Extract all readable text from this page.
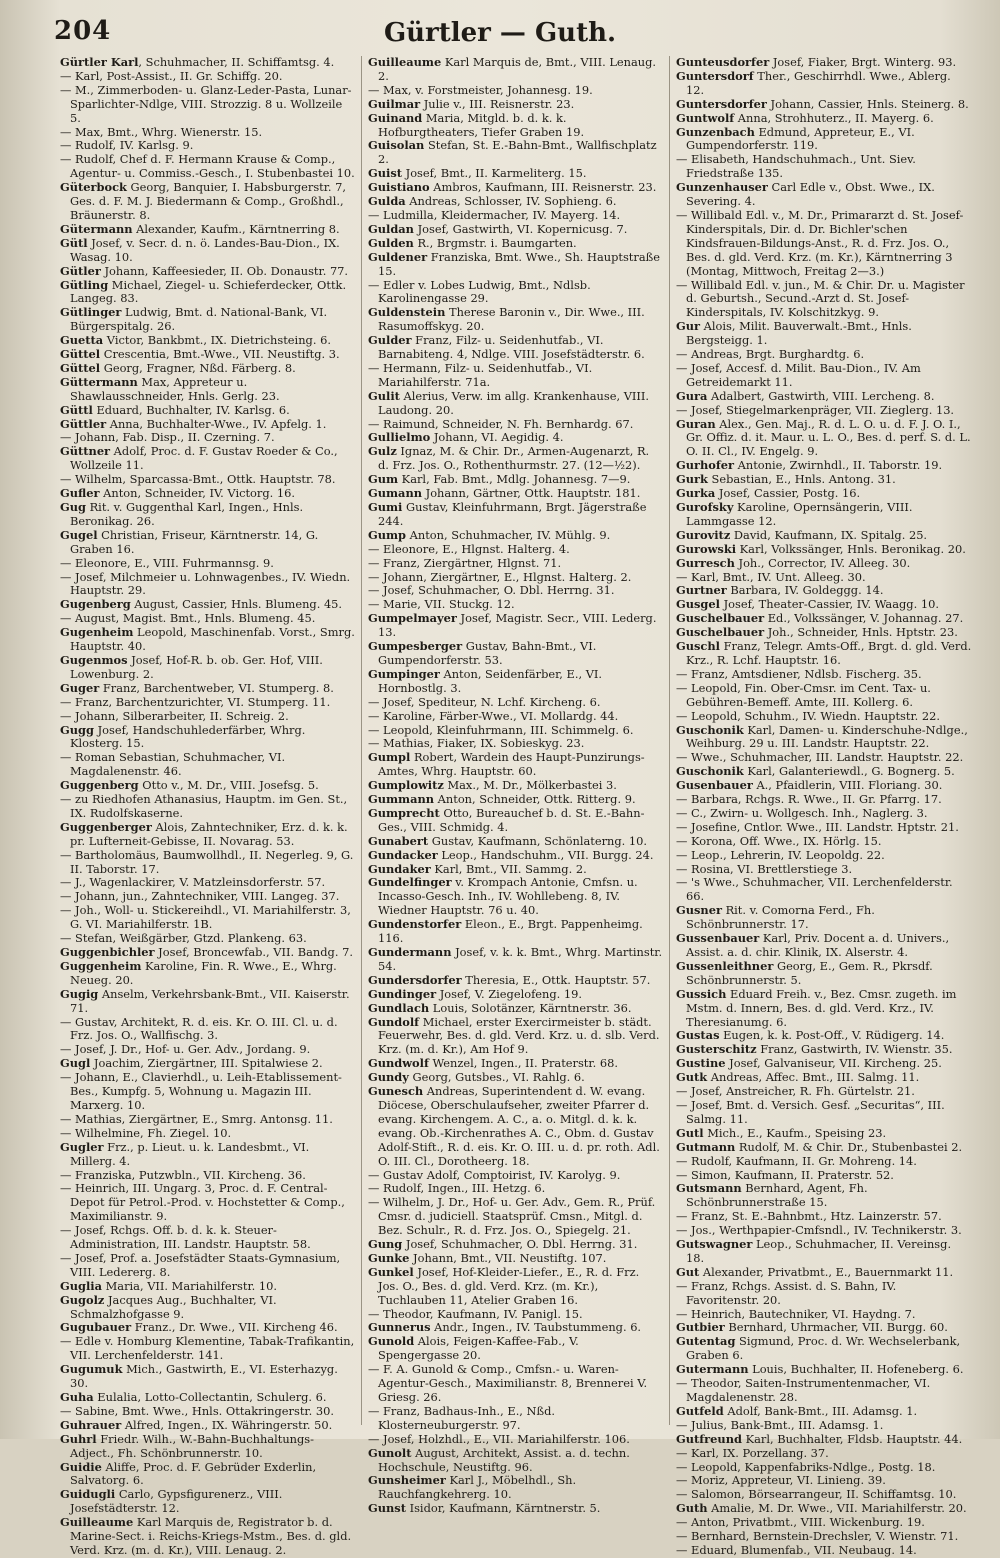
204	Gürtler — Guth.

Gürtler Karl, Schuhmacher, II. Schiffamtsg. 4.

— Karl, Post-Assist., II. Gr. Schiffg. 20.

— M., Zimmerboden- u. Glanz-Leder-Pasta, Lunar-Sparlichter-Ndlge, VIII. Strozzig. 8 u. Wollzeile 5.

— Max, Bmt., Whrg. Wienerstr. 15.

— Rudolf, IV. Karlsg. 9.

— Rudolf, Chef d. F. Hermann Krause & Comp., Agentur- u. Commiss.-Gesch., I. Stubenbastei 10.

Güterbock Georg, Banquier, I. Habsburgerstr. 7, Ges. d. F. M. J. Biedermann & Comp., Großhdl., Bräunerstr. 8.

Gütermann Alexander, Kaufm., Kärntnerring 8.

Gütl Josef, v. Secr. d. n. ö. Landes-Bau-Dion., IX. Wasag. 10.

Gütler Johann, Kaffeesieder, II. Ob. Donaustr. 77.

Gütling Michael, Ziegel- u. Schieferdecker, Ottk. Langeg. 83.

Gütlinger Ludwig, Bmt. d. National-Bank, VI. Bürgerspitalg. 26.

Guetta Victor, Bankbmt., IX. Dietrichsteing. 6.

Güttel Crescentia, Bmt.-Wwe., VII. Neustiftg. 3.

Güttel Georg, Fragner, Nßd. Färberg. 8.

Güttermann Max, Appreteur u. Shawlausschneider, Hnls. Gerlg. 23.

Güttl Eduard, Buchhalter, IV. Karlsg. 6.

Güttler Anna, Buchhalter-Wwe., IV. Apfelg. 1.

— Johann, Fab. Disp., II. Czerning. 7.

Güttner Adolf, Proc. d. F. Gustav Roeder & Co., Wollzeile 11.

— Wilhelm, Sparcassa-Bmt., Ottk. Hauptstr. 78.

Gufler Anton, Schneider, IV. Victorg. 16.

Gug Rit. v. Guggenthal Karl, Ingen., Hnls. Beronikag. 26.

Gugel Christian, Friseur, Kärntnerstr. 14, G. Graben 16.

— Eleonore, E., VIII. Fuhrmannsg. 9.

— Josef, Milchmeier u. Lohnwagenbes., IV. Wiedn. Hauptstr. 29.

Gugenberg August, Cassier, Hnls. Blumeng. 45.

— August, Magist. Bmt., Hnls. Blumeng. 45.

Gugenheim Leopold, Maschinenfab. Vorst., Smrg. Hauptstr. 40.

Gugenmos Josef, Hof-R. b. ob. Ger. Hof, VIII. Lowenburg. 2.

Guger Franz, Barchentweber, VI. Stumperg. 8.

— Franz, Barchentzurichter, VI. Stumperg. 11.

— Johann, Silberarbeiter, II. Schreig. 2.

Gugg Josef, Handschuhlederfärber, Whrg. Klosterg. 15.

— Roman Sebastian, Schuhmacher, VI. Magdalenenstr. 46.

Guggenberg Otto v., M. Dr., VIII. Josefsg. 5.

— zu Riedhofen Athanasius, Hauptm. im Gen. St., IX. Rudolfskaserne.

Guggenberger Alois, Zahntechniker, Erz. d. k. k. pr. Lufterneit-Gebisse, II. Novarag. 53.

— Bartholomäus, Baumwollhdl., II. Negerleg. 9, G. II. Taborstr. 17.

— J., Wagenlackirer, V. Matzleinsdorferstr. 57.

— Johann, jun., Zahntechniker, VIII. Langeg. 37.

— Joh., Woll- u. Stickereihdl., VI. Mariahilferstr. 3, G. VI. Mariahilferstr. 1B.

— Stefan, Weißgärber, Gtzd. Plankeng. 63.

Guggenbichler Josef, Broncewfab., VII. Bandg. 7.

Guggenheim Karoline, Fin. R. Wwe., E., Whrg. Neueg. 20.

Gugig Anselm, Verkehrsbank-Bmt., VII. Kaiserstr. 71.

— Gustav, Architekt, R. d. eis. Kr. O. III. Cl. u. d. Frz. Jos. O., Wallfischg. 3.

— Josef, J. Dr., Hof- u. Ger. Adv., Jordang. 9.

Gugl Joachim, Ziergärtner, III. Spitalwiese 2.

— Johann, E., Clavierhdl., u. Leih-Etablissement-Bes., Kumpfg. 5, Wohnung u. Magazin III. Marxerg. 10.

— Mathias, Ziergärtner, E., Smrg. Antonsg. 11.

— Wilhelmine, Fh. Ziegel. 10.

Gugler Frz., p. Lieut. u. k. Landesbmt., VI. Millerg. 4.

— Franziska, Putzwbln., VII. Kircheng. 36.

— Heinrich, III. Ungarg. 3, Proc. d. F. Central-Depot für Petrol.-Prod. v. Hochstetter & Comp., Maximilianstr. 9.

— Josef, Rchgs. Off. b. d. k. k. Steuer-Administration, III. Landstr. Hauptstr. 58.

— Josef, Prof. a. Josefstädter Staats-Gymnasium, VIII. Ledererg. 8.

Guglia Maria, VII. Mariahilferstr. 10.

Gugolz Jacques Aug., Buchhalter, VI. Schmalzhofgasse 9.

Gugubauer Franz., Dr. Wwe., VII. Kircheng 46.

— Edle v. Homburg Klementine, Tabak-Trafikantin, VII. Lerchenfelderstr. 141.

Gugumuk Mich., Gastwirth, E., VI. Esterhazyg. 30.

Guha Eulalia, Lotto-Collectantin, Schulerg. 6.

— Sabine, Bmt. Wwe., Hnls. Ottakringerstr. 30.

Guhrauer Alfred, Ingen., IX. Währingerstr. 50.

Guhrl Friedr. Wilh., W.-Bahn-Buchhaltungs-Adject., Fh. Schönbrunnerstr. 10.

Guidie Aliffe, Proc. d. F. Gebrüder Exderlin, Salvatorg. 6.

Guidugli Carlo, Gypsfigurenerz., VIII. Josefstädterstr. 12.

Guilleaume Karl Marquis de, Registrator b. d. Marine-Sect. i. Reichs-Kriegs-Mstm., Bes. d. gld. Verd. Krz. (m. d. Kr.), VIII. Lenaug. 2.

Guilleaume Karl Marquis de, Bmt., VIII. Lenaug. 2.

— Max, v. Forstmeister, Johannesg. 19.

Guilmar Julie v., III. Reisnerstr. 23.

Guinand Maria, Mitgld. b. d. k. k. Hofburgtheaters, Tiefer Graben 19.

Guisolan Stefan, St. E.-Bahn-Bmt., Wallfischplatz 2.

Guist Josef, Bmt., II. Karmeliterg. 15.

Guistiano Ambros, Kaufmann, III. Reisnerstr. 23.

Gulda Andreas, Schlosser, IV. Sophieng. 6.

— Ludmilla, Kleidermacher, IV. Mayerg. 14.

Guldan Josef, Gastwirth, VI. Kopernicusg. 7.

Gulden R., Brgmstr. i. Baumgarten.

Guldener Franziska, Bmt. Wwe., Sh. Hauptstraße 15.

— Edler v. Lobes Ludwig, Bmt., Ndlsb. Karolinengasse 29.

Guldenstein Therese Baronin v., Dir. Wwe., III. Rasumoffskyg. 20.

Gulder Franz, Filz- u. Seidenhutfab., VI. Barnabiteng. 4, Ndlge. VIII. Josefstädterstr. 6.

— Hermann, Filz- u. Seidenhutfab., VI. Mariahilferstr. 71a.

Gulit Alerius, Verw. im allg. Krankenhause, VIII. Laudong. 20.

— Raimund, Schneider, N. Fh. Bernhardg. 67.

Gullielmo Johann, VI. Aegidig. 4.

Gulz Ignaz, M. & Chir. Dr., Armen-Augenarzt, R. d. Frz. Jos. O., Rothenthurmstr. 27. (12—½2).

Gum Karl, Fab. Bmt., Mdlg. Johannesg. 7—9.

Gumann Johann, Gärtner, Ottk. Hauptstr. 181.

Gumi Gustav, Kleinfuhrmann, Brgt. Jägerstraße 244.

Gump Anton, Schuhmacher, IV. Mühlg. 9.

— Eleonore, E., Hlgnst. Halterg. 4.

— Franz, Ziergärtner, Hlgnst. 71.

— Johann, Ziergärtner, E., Hlgnst. Halterg. 2.

— Josef, Schuhmacher, O. Dbl. Herrng. 31.

— Marie, VII. Stuckg. 12.

Gumpelmayer Josef, Magistr. Secr., VIII. Lederg. 13.

Gumpesberger Gustav, Bahn-Bmt., VI. Gumpendorferstr. 53.

Gumpinger Anton, Seidenfärber, E., VI. Hornbostlg. 3.

— Josef, Spediteur, N. Lchf. Kircheng. 6.

— Karoline, Färber-Wwe., VI. Mollardg. 44.

— Leopold, Kleinfuhrmann, III. Schimmelg. 6.

— Mathias, Fiaker, IX. Sobieskyg. 23.

Gumpl Robert, Wardein des Haupt-Punzirungs-Amtes, Whrg. Hauptstr. 60.

Gumplowitz Max., M. Dr., Mölkerbastei 3.

Gummann Anton, Schneider, Ottk. Ritterg. 9.

Gumprecht Otto, Bureauchef b. d. St. E.-Bahn-Ges., VIII. Schmidg. 4.

Gunabert Gustav, Kaufmann, Schönlaterng. 10.

Gundacker Leop., Handschuhm., VII. Burgg. 24.

Gundaker Karl, Bmt., VII. Sammg. 2.

Gundelfinger v. Krompach Antonie, Cmfsn. u. Incasso-Gesch. Inh., IV. Wohllebeng. 8, IV. Wiedner Hauptstr. 76 u. 40.

Gundenstorfer Eleon., E., Brgt. Pappenheimg. 116.

Gundermann Josef, v. k. k. Bmt., Whrg. Martinstr. 54.

Gundersdorfer Theresia, E., Ottk. Hauptstr. 57.

Gundinger Josef, V. Ziegelofeng. 19.

Gundlach Louis, Solotänzer, Kärntnerstr. 36.

Gundolf Michael, erster Exercirmeister b. städt. Feuerwehr, Bes. d. gld. Verd. Krz. u. d. slb. Verd. Krz. (m. d. Kr.), Am Hof 9.

Gundwolf Wenzel, Ingen., II. Praterstr. 68.

Gundy Georg, Gutsbes., VI. Rahlg. 6.

Gunesch Andreas, Superintendent d. W. evang. Diöcese, Oberschulaufseher, zweiter Pfarrer d. evang. Kirchengem. A. C., a. o. Mitgl. d. k. k. evang. Ob.-Kirchenrathes A. C., Obm. d. Gustav Adolf-Stift., R. d. eis. Kr. O. III. u. d. pr. roth. Adl. O. III. Cl., Dorotheerg. 18.

— Gustav Adolf, Comptoirist, IV. Karolyg. 9.

— Rudolf, Ingen., III. Hetzg. 6.

— Wilhelm, J. Dr., Hof- u. Ger. Adv., Gem. R., Prüf. Cmsr. d. judiciell. Staatsprüf. Cmsn., Mitgl. d. Bez. Schulr., R. d. Frz. Jos. O., Spiegelg. 21.

Gung Josef, Schuhmacher, O. Dbl. Herrng. 31.

Gunke Johann, Bmt., VII. Neustiftg. 107.

Gunkel Josef, Hof-Kleider-Liefer., E., R. d. Frz. Jos. O., Bes. d. gld. Verd. Krz. (m. Kr.), Tuchlauben 11, Atelier Graben 16.

— Theodor, Kaufmann, IV. Panigl. 15.

Gunnerus Andr., Ingen., IV. Taubstummeng. 6.

Gunold Alois, Feigen-Kaffee-Fab., V. Spengergasse 20.

— F. A. Gunold & Comp., Cmfsn.- u. Waren-Agentur-Gesch., Maximilianstr. 8, Brennerei V. Griesg. 26.

— Franz, Badhaus-Inh., E., Nßd. Klosterneuburgerstr. 97.

— Josef, Holzhdl., E., VII. Mariahilferstr. 106.

Gunolt August, Architekt, Assist. a. d. techn. Hochschule, Neustiftg. 96.

Gunsheimer Karl J., Möbelhdl., Sh. Rauchfangkehrerg. 10.

Gunst Isidor, Kaufmann, Kärntnerstr. 5.

Gunteusdorfer Josef, Fiaker, Brgt. Winterg. 93.

Guntersdorf Ther., Geschirrhdl. Wwe., Ablerg. 12.

Guntersdorfer Johann, Cassier, Hnls. Steinerg. 8.

Guntwolf Anna, Strohhuterz., II. Mayerg. 6.

Gunzenbach Edmund, Appreteur, E., VI. Gumpendorferstr. 119.

— Elisabeth, Handschuhmach., Unt. Siev. Friedstraße 135.

Gunzenhauser Carl Edle v., Obst. Wwe., IX. Severing. 4.

— Willibald Edl. v., M. Dr., Primararzt d. St. Josef-Kinderspitals, Dir. d. Dr. Bichler'schen Kindsfrauen-Bildungs-Anst., R. d. Frz. Jos. O., Bes. d. gld. Verd. Krz. (m. Kr.), Kärntnerring 3 (Montag, Mittwoch, Freitag 2—3.)

— Willibald Edl. v. jun., M. & Chir. Dr. u. Magister d. Geburtsh., Secund.-Arzt d. St. Josef-Kinderspitals, IV. Kolschitzkyg. 9.

Gur Alois, Milit. Bauverwalt.-Bmt., Hnls. Bergsteigg. 1.

— Andreas, Brgt. Burghardtg. 6.

— Josef, Accesf. d. Milit. Bau-Dion., IV. Am Getreidemarkt 11.

Gura Adalbert, Gastwirth, VIII. Lercheng. 8.

— Josef, Stiegelmarkenpräger, VII. Zieglerg. 13.

Guran Alex., Gen. Maj., R. d. L. O. u. d. F. J. O. I., Gr. Offiz. d. it. Maur. u. L. O., Bes. d. perf. S. d. L. O. II. Cl., IV. Engelg. 9.

Gurhofer Antonie, Zwirnhdl., II. Taborstr. 19.

Gurk Sebastian, E., Hnls. Antong. 31.

Gurka Josef, Cassier, Postg. 16.

Gurofsky Karoline, Opernsängerin, VIII. Lammgasse 12.

Gurovitz David, Kaufmann, IX. Spitalg. 25.

Gurowski Karl, Volkssänger, Hnls. Beronikag. 20.

Gurresch Joh., Corrector, IV. Alleeg. 30.

— Karl, Bmt., IV. Unt. Alleeg. 30.

Gurtner Barbara, IV. Goldeggg. 14.

Gusgel Josef, Theater-Cassier, IV. Waagg. 10.

Guschelbauer Ed., Volkssänger, V. Johannag. 27.

Guschelbauer Joh., Schneider, Hnls. Hptstr. 23.

Guschl Franz, Telegr. Amts-Off., Brgt. d. gld. Verd. Krz., R. Lchf. Hauptstr. 16.

— Franz, Amtsdiener, Ndlsb. Fischerg. 35.

— Leopold, Fin. Ober-Cmsr. im Cent. Tax- u. Gebühren-Bemeff. Amte, III. Kollerg. 6.

— Leopold, Schuhm., IV. Wiedn. Hauptstr. 22.

Guschonik Karl, Damen- u. Kinderschuhe-Ndlge., Weihburg. 29 u. III. Landstr. Hauptstr. 22.

— Wwe., Schuhmacher, III. Landstr. Hauptstr. 22.

Guschonik Karl, Galanteriewdl., G. Bognerg. 5.

Gusenbauer A., Pfaidlerin, VIII. Floriang. 30.

— Barbara, Rchgs. R. Wwe., II. Gr. Pfarrg. 17.

— C., Zwirn- u. Wollgesch. Inh., Naglerg. 3.

— Josefine, Cntlor. Wwe., III. Landstr. Hptstr. 21.

— Korona, Off. Wwe., IX. Hörlg. 15.

— Leop., Lehrerin, IV. Leopoldg. 22.

— Rosina, VI. Brettlerstiege 3.

— 's Wwe., Schuhmacher, VII. Lerchenfelderstr. 66.

Gusner Rit. v. Comorna Ferd., Fh. Schönbrunnerstr. 17.

Gussenbauer Karl, Priv. Docent a. d. Univers., Assist. a. d. chir. Klinik, IX. Alserstr. 4.

Gussenleithner Georg, E., Gem. R., Pkrsdf. Schönbrunnerstr. 5.

Gussich Eduard Freih. v., Bez. Cmsr. zugeth. im Mstm. d. Innern, Bes. d. gld. Verd. Krz., IV. Theresianumg. 6.

Gustas Eugen, k. k. Post-Off., V. Rüdigerg. 14.

Gusterschitz Franz, Gastwirth, IV. Wienstr. 35.

Gustine Josef, Galvaniseur, VII. Kircheng. 25.

Gutk Andreas, Affec. Bmt., III. Salmg. 11.

— Josef, Anstreicher, R. Fh. Gürtelstr. 21.

— Josef, Bmt. d. Versich. Gesf. „Securitas“, III. Salmg. 11.

Gutl Mich., E., Kaufm., Speising 23.

Gutmann Rudolf, M. & Chir. Dr., Stubenbastei 2.

— Rudolf, Kaufmann, II. Gr. Mohreng. 14.

— Simon, Kaufmann, II. Praterstr. 52.

Gutsmann Bernhard, Agent, Fh. Schönbrunnerstraße 15.

— Franz, St. E.-Bahnbmt., Htz. Lainzerstr. 57.

— Jos., Werthpapier-Cmfsndl., IV. Technikerstr. 3.

Gutswagner Leop., Schuhmacher, II. Vereinsg. 18.

Gut Alexander, Privatbmt., E., Bauernmarkt 11.

— Franz, Rchgs. Assist. d. S. Bahn, IV. Favoritenstr. 20.

— Heinrich, Bautechniker, VI. Haydng. 7.

Gutbier Bernhard, Uhrmacher, VII. Burgg. 60.

Gutentag Sigmund, Proc. d. Wr. Wechselerbank, Graben 6.

Gutermann Louis, Buchhalter, II. Hofeneberg. 6.

— Theodor, Saiten-Instrumentenmacher, VI. Magdalenenstr. 28.

Gutfeld Adolf, Bank-Bmt., III. Adamsg. 1.

— Julius, Bank-Bmt., III. Adamsg. 1.

Gutfreund Karl, Buchhalter, Fldsb. Hauptstr. 44.

— Karl, IX. Porzellang. 37.

— Leopold, Kappenfabriks-Ndlge., Postg. 18.

— Moriz, Appreteur, VI. Linieng. 39.

— Salomon, Börsearrangeur, II. Schiffamtsg. 10.

Guth Amalie, M. Dr. Wwe., VII. Mariahilferstr. 20.

— Anton, Privatbmt., VIII. Wickenburg. 19.

— Bernhard, Bernstein-Drechsler, V. Wienstr. 71.

— Eduard, Blumenfab., VII. Neubaug. 14.
